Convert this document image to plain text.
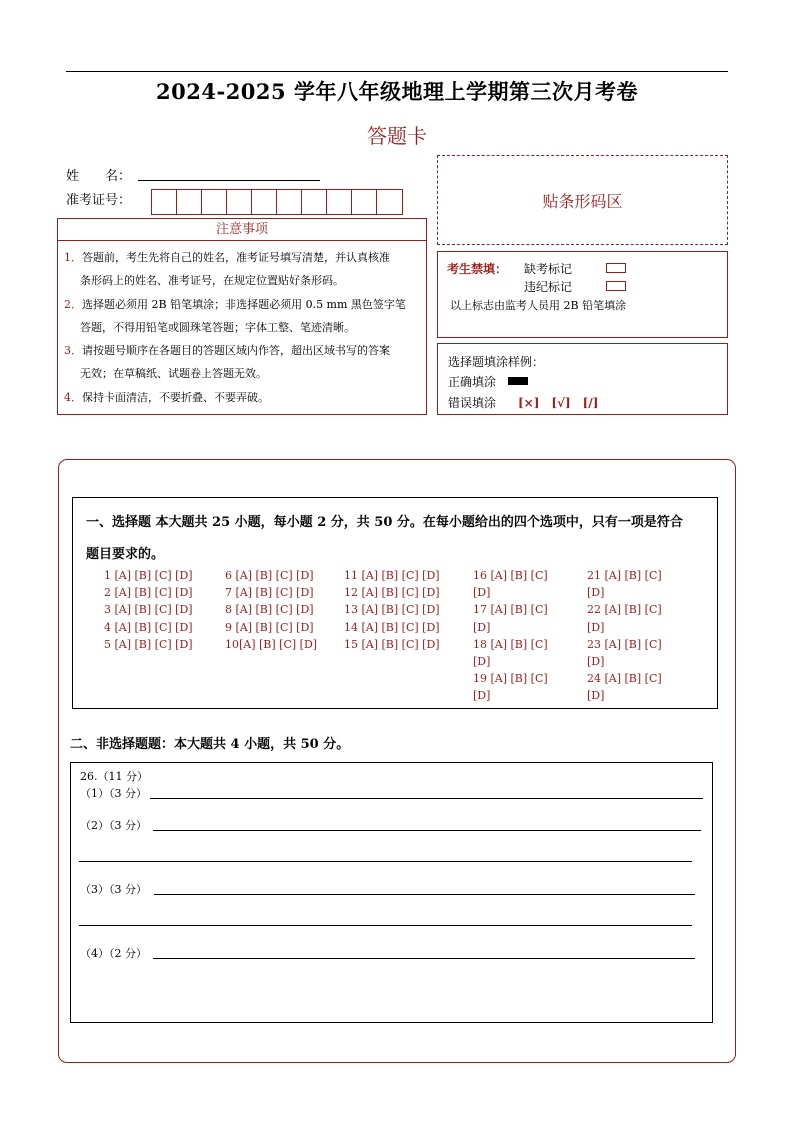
2024-2025 学年八年级地理上学期第三次月考卷
答题卡
姓　　名：
准考证号：	贴条形码区
注意事项

1．答题前，考生先将自己的姓名，准考证号填写清楚，并认真核准

条形码上的姓名、准考证号，在规定位置贴好条形码。

2．选择题必须用 2B 铅笔填涂；非选择题必须用 0.5 mm 黑色签字笔

答题，不得用铅笔或圆珠笔答题；字体工整、笔迹清晰。

3．请按题号顺序在各题目的答题区域内作答，超出区域书写的答案

无效；在草稿纸、试题卷上答题无效。

4．保持卡面清洁，不要折叠、不要弄破。

考生禁填： 缺考标记
违纪标记
以上标志由监考人员用 2B 铅笔填涂
选择题填涂样例：
正确填涂
错误填涂 [×]　[√]　[/]
一、选择题 本大题共 25 小题，每小题 2 分，共 50 分。在每小题给出的四个选项中，只有一项是符合
题目要求的。
1 [A] [B] [C] [D]
2 [A] [B] [C] [D]
3 [A] [B] [C] [D]
4 [A] [B] [C] [D]
5 [A] [B] [C] [D]
6 [A] [B] [C] [D]
7 [A] [B] [C] [D]
8 [A] [B] [C] [D]
9 [A] [B] [C] [D]
10[A] [B] [C] [D]
11 [A] [B] [C] [D]
12 [A] [B] [C] [D]
13 [A] [B] [C] [D]
14 [A] [B] [C] [D]
15 [A] [B] [C] [D]
16 [A] [B] [C]
[D]
17 [A] [B] [C]
[D]
18 [A] [B] [C]
[D]
19 [A] [B] [C]
[D]
21 [A] [B] [C]
[D]
22 [A] [B] [C]
[D]
23 [A] [B] [C]
[D]
24 [A] [B] [C]
[D]
二、非选择题题：本大题共 4 小题，共 50 分。
26.（11 分）
（1）（3 分）
（2）（3 分）
（3）（3 分）
（4）（2 分）
